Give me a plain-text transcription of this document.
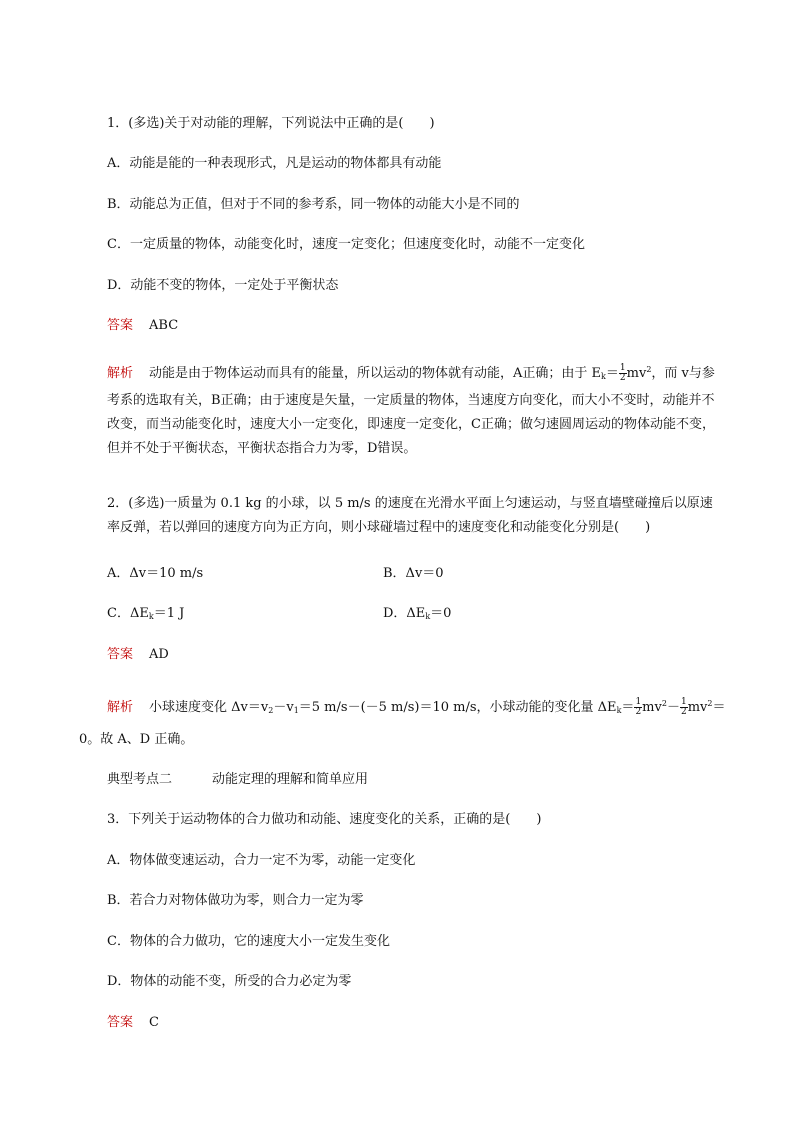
1．(多选)关于对动能的理解，下列说法中正确的是(　　)
A．动能是能的一种表现形式，凡是运动的物体都具有动能
B．动能总为正值，但对于不同的参考系，同一物体的动能大小是不同的
C．一定质量的物体，动能变化时，速度一定变化；但速度变化时，动能不一定变化
D．动能不变的物体，一定处于平衡状态
答案 ABC
解析 动能是由于物体运动而具有的能量，所以运动的物体就有动能，A正确；由于 $E_k= \frac{1}{2} mv^2$，而 v与参考系的选取有关，B正确；由于速度是矢量，一定质量的物体，当速度方向变化，而大小不变时，动能并不改变，而当动能变化时，速度大小一定变化，即速度一定变化，C正确；做匀速圆周运动的物体动能不变，但并不处于平衡状态，平衡状态指合力为零，D错误。
2．(多选)一质量为 0.1 kg 的小球，以 5 m/s 的速度在光滑水平面上匀速运动，与竖直墙壁碰撞后以原速率反弹，若以弹回的速度方向为正方向，则小球碰墙过程中的速度变化和动能变化分别是(　　)
A．Δv＝10 m/s	B．Δv＝0
C．$\Delta E_k=1$ J	D．$\Delta E_k=0$
答案 AD
解析 小球速度变化 $\Delta v=v_2-v_1=5$ m/s－(－5 m/s)＝10 m/s，小球动能的变化量 $\Delta E_k= \frac{1}{2} mv^2- \frac{1}{2} mv^2=$
0。故 A、D 正确。
典型考点二	动能定理的理解和简单应用
3．下列关于运动物体的合力做功和动能、速度变化的关系，正确的是(　　)
A．物体做变速运动，合力一定不为零，动能一定变化
B．若合力对物体做功为零，则合力一定为零
C．物体的合力做功，它的速度大小一定发生变化
D．物体的动能不变，所受的合力必定为零
答案 C
